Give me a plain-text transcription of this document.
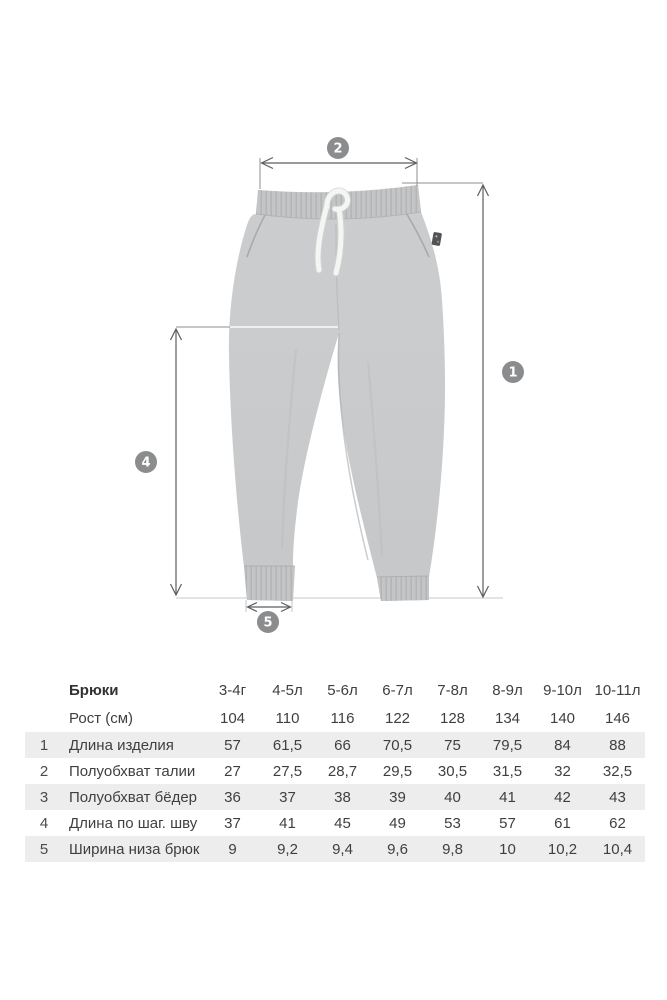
2
1
4
5
Брюки	3-4г	4-5л	5-6л	6-7л	7-8л	8-9л	9-10л 10-11л
Рост (см)	104	110	116	122	128	134	140	146
1	Длина изделия	57	61,5	66	70,5	75	79,5	84	88
2	Полуобхват талии	27	27,5	28,7	29,5	30,5	31,5	32	32,5
3	Полуобхват бёдер	36	37	38	39	40	41	42	43
4	Длина по шаг. шву	37	41	45	49	53	57	61	62
5	Ширина низа брюк	9	9,2	9,4	9,6	9,8	10	10,2	10,4
